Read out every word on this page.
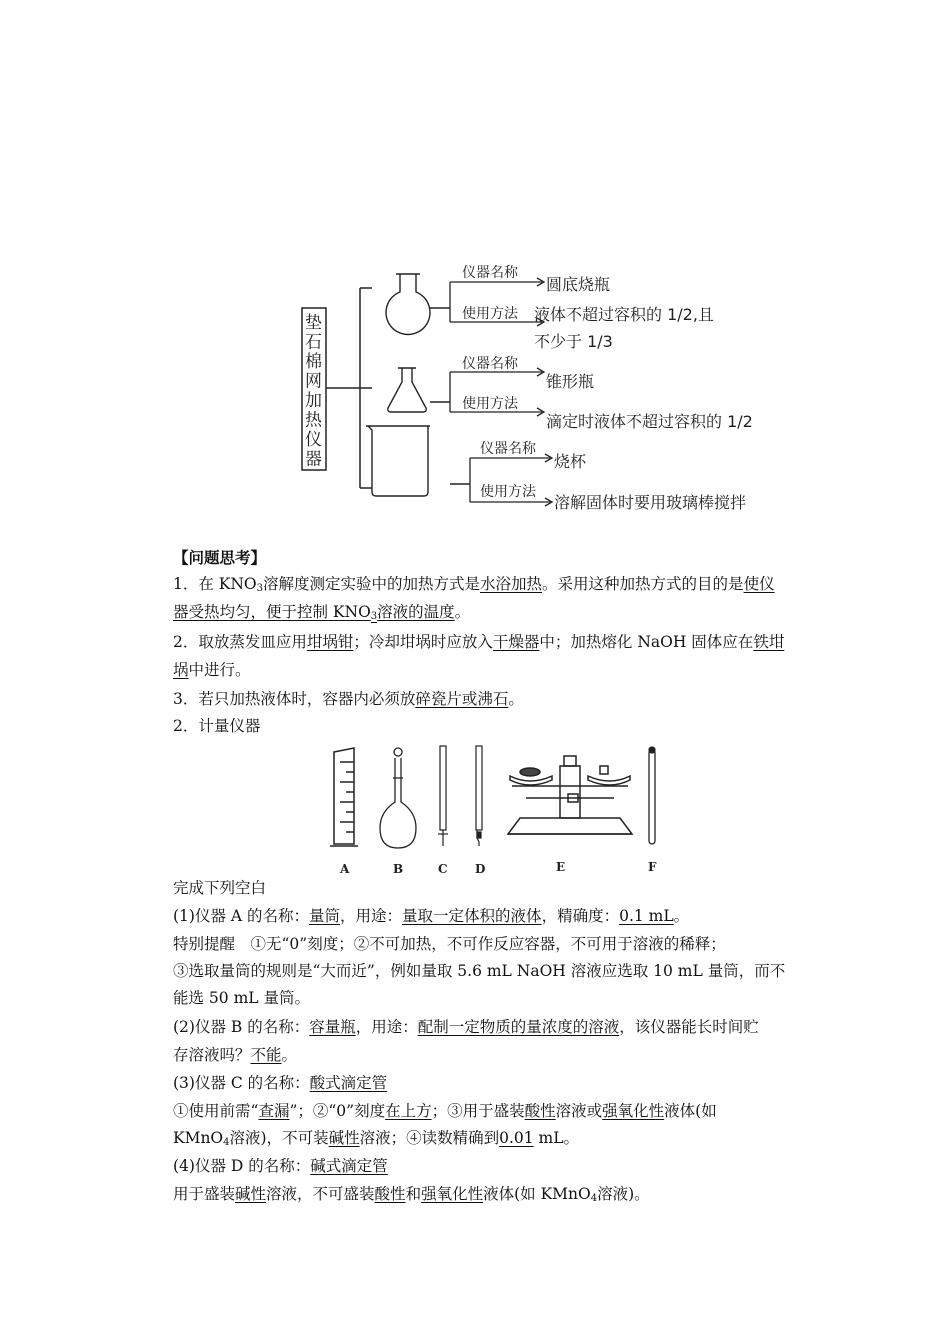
垫
石
棉
网
加
热
仪
器
仪器名称
圆底烧瓶
使用方法 液体不超过容积的 1/2,且
不少于 1/3
仪器名称
锥形瓶
使用方法
滴定时液体不超过容积的 1/2
仪器名称
烧杯
使用方法
溶解固体时要用玻璃棒搅拌
【问题思考】
1．在 $KNO_3$溶解度测定实验中的加热方式是水浴加热。采用这种加热方式的目的是使仪
器受热均匀，便于控制 $KNO_3$溶液的温度。
2．取放蒸发皿应用坩埚钳；冷却坩埚时应放入干燥器中；加热熔化 NaOH 固体应在铁坩
埚中进行。
3．若只加热液体时，容器内必须放碎瓷片或沸石。
2．计量仪器
A	B	C D	E	F
完成下列空白
(1)仪器 A 的名称：量筒，用途：量取一定体积的液体，精确度：0.1 mL。
特别提醒　①无“0”刻度；②不可加热，不可作反应容器，不可用于溶液的稀释；
③选取量筒的规则是“大而近”，例如量取 5.6 mL NaOH 溶液应选取 10 mL 量筒，而不
能选 50 mL 量筒。
(2)仪器 B 的名称：容量瓶，用途：配制一定物质的量浓度的溶液，该仪器能长时间贮
存溶液吗？不能。
(3)仪器 C 的名称：酸式滴定管
①使用前需“查漏”；②“0”刻度在上方；③用于盛装酸性溶液或强氧化性液体(如
KMnO$_4$溶液)，不可装碱性溶液；④读数精确到0.01 mL。
(4)仪器 D 的名称：碱式滴定管
用于盛装碱性溶液，不可盛装酸性和强氧化性液体(如 KMnO$_4$溶液)。
